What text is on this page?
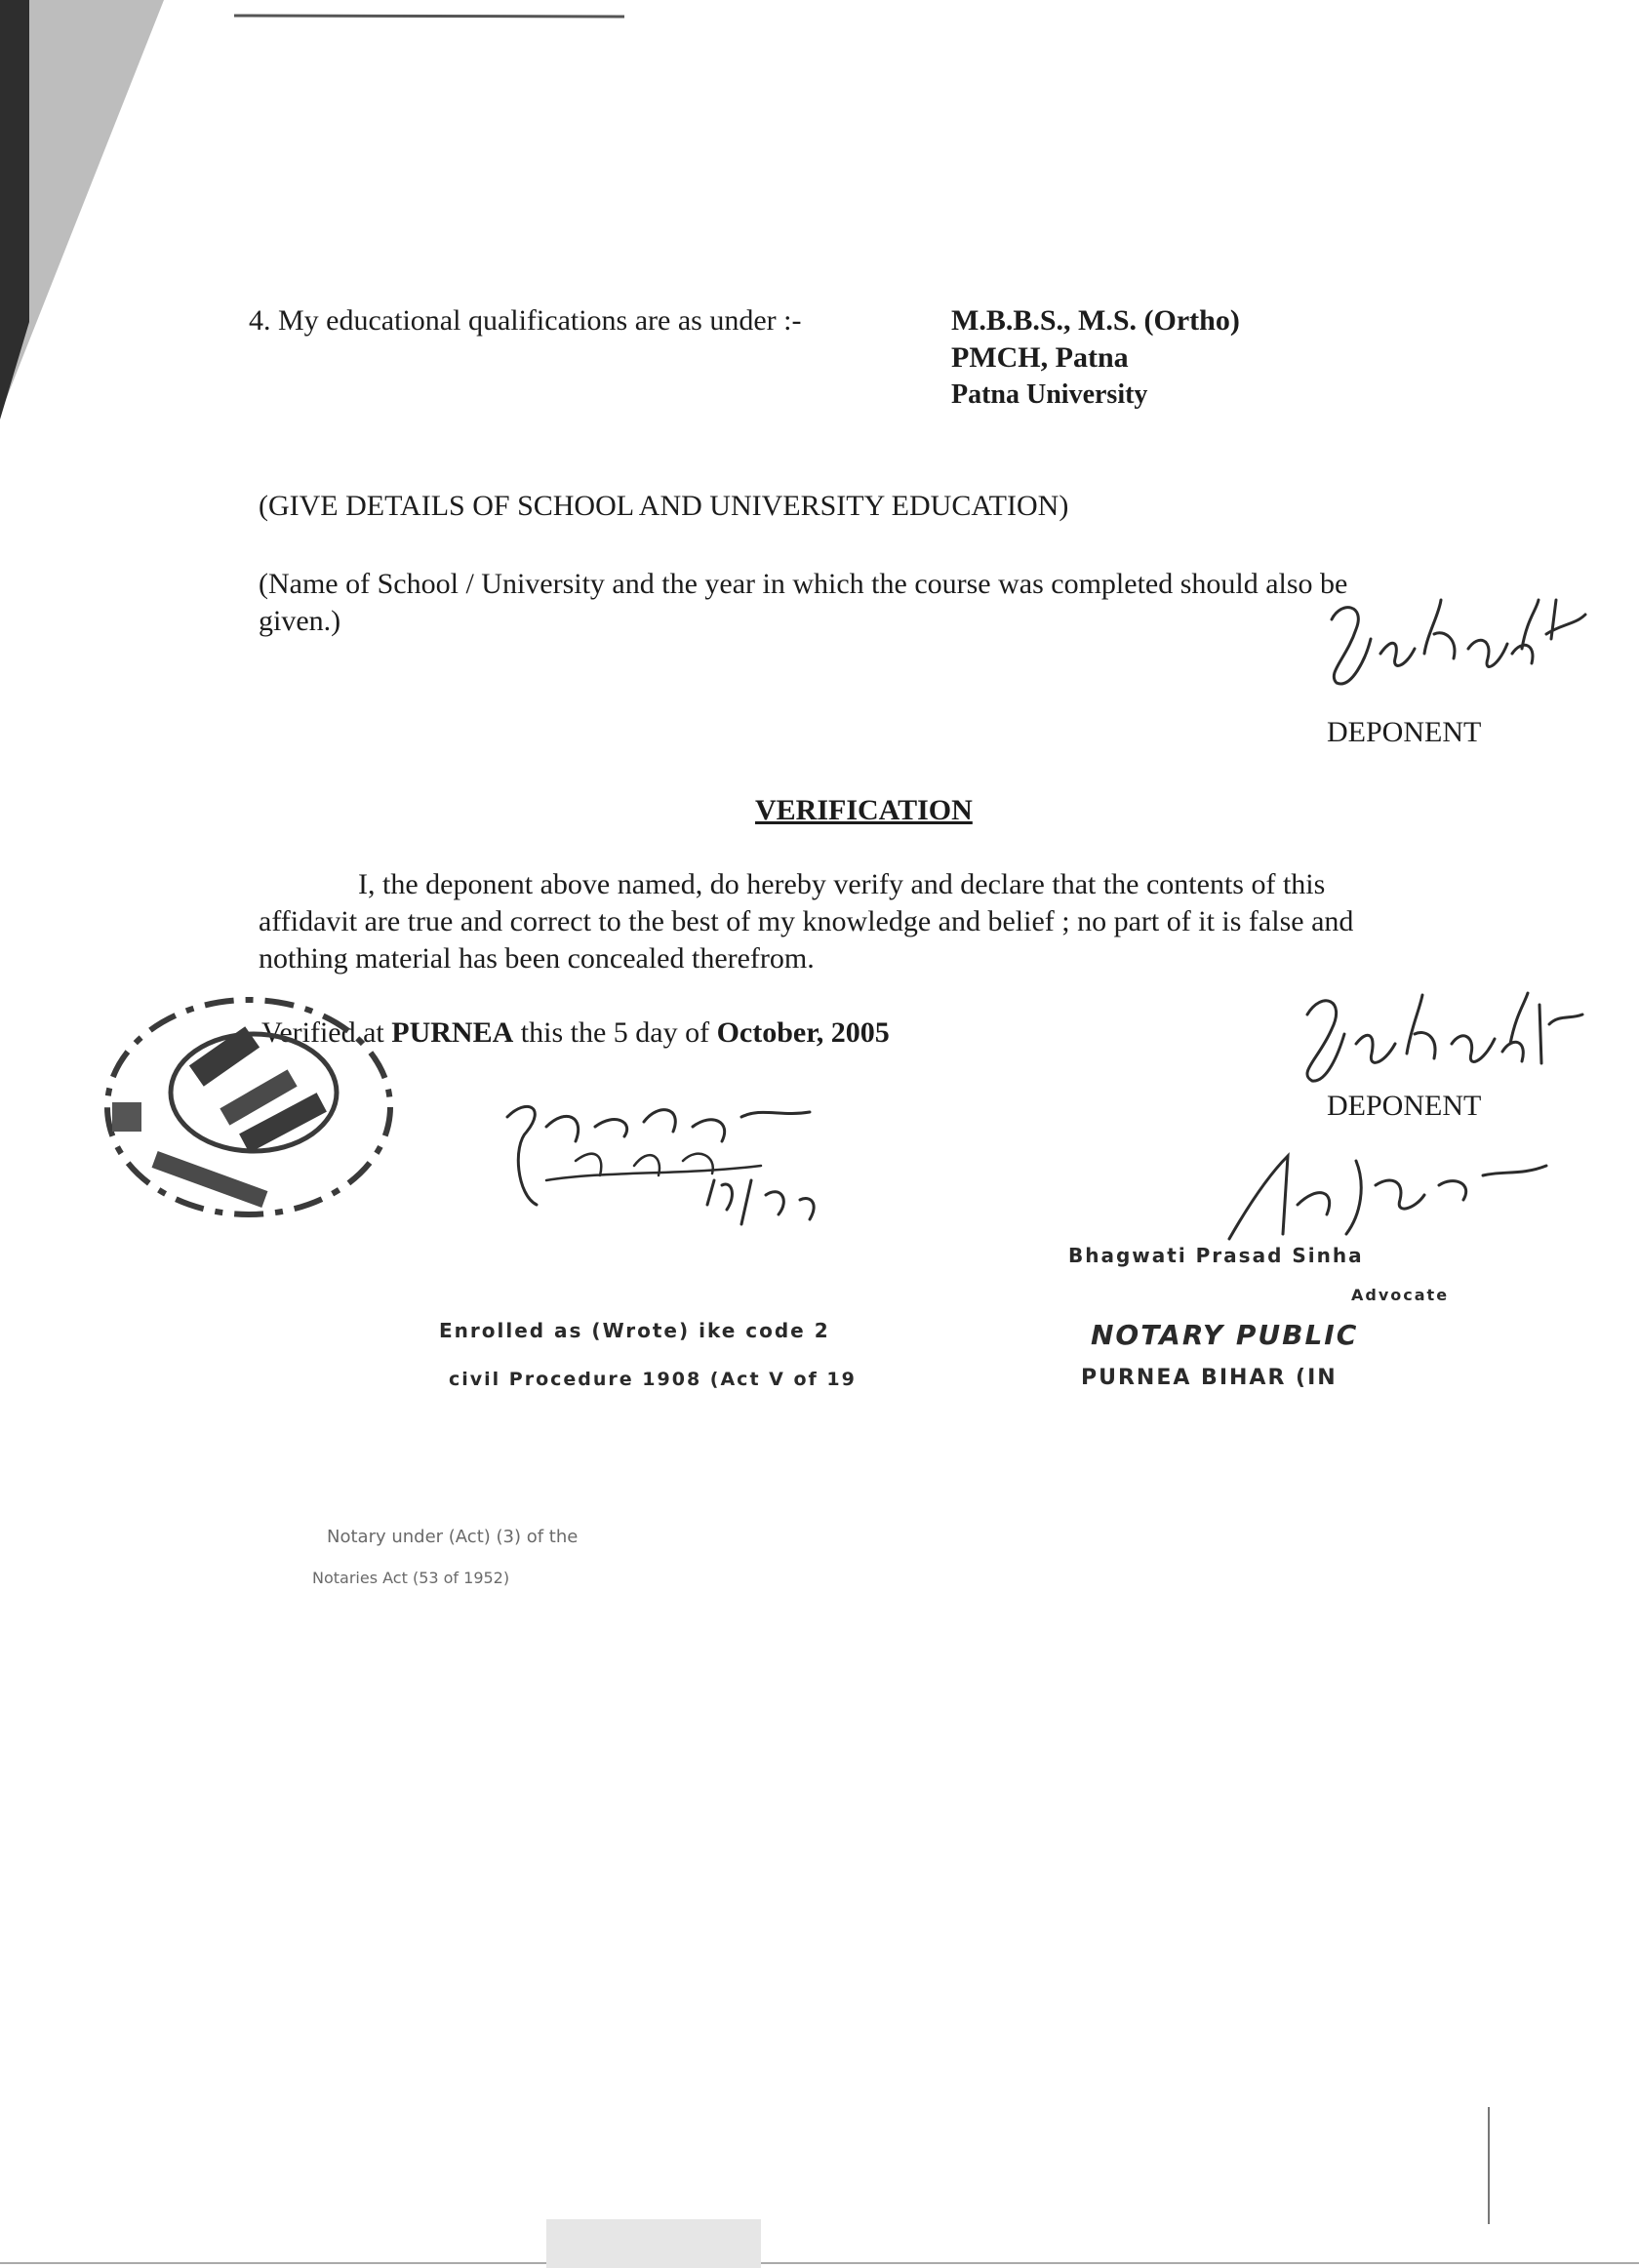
4. My educational qualifications are as under :-	M.B.B.S., M.S. (Ortho)
PMCH, Patna
Patna University
(GIVE DETAILS OF SCHOOL AND UNIVERSITY EDUCATION)
(Name of School / University and the year in which the course was completed should also be
given.)
DEPONENT
VERIFICATION
I, the deponent above named, do hereby verify and declare that the contents of this
affidavit are true and correct to the best of my knowledge and belief ; no part of it is false and
nothing material has been concealed therefrom.
Verified at PURNEA this the 5 day of October, 2005
DEPONENT
Enrolled as (Wrote) ike code 2
civil Procedure 1908 (Act V of 19
Bhagwati Prasad Sinha
Advocate
NOTARY PUBLIC
PURNEA BIHAR (IN
Notary under (Act) (3) of the
Notaries Act (53 of 1952)
